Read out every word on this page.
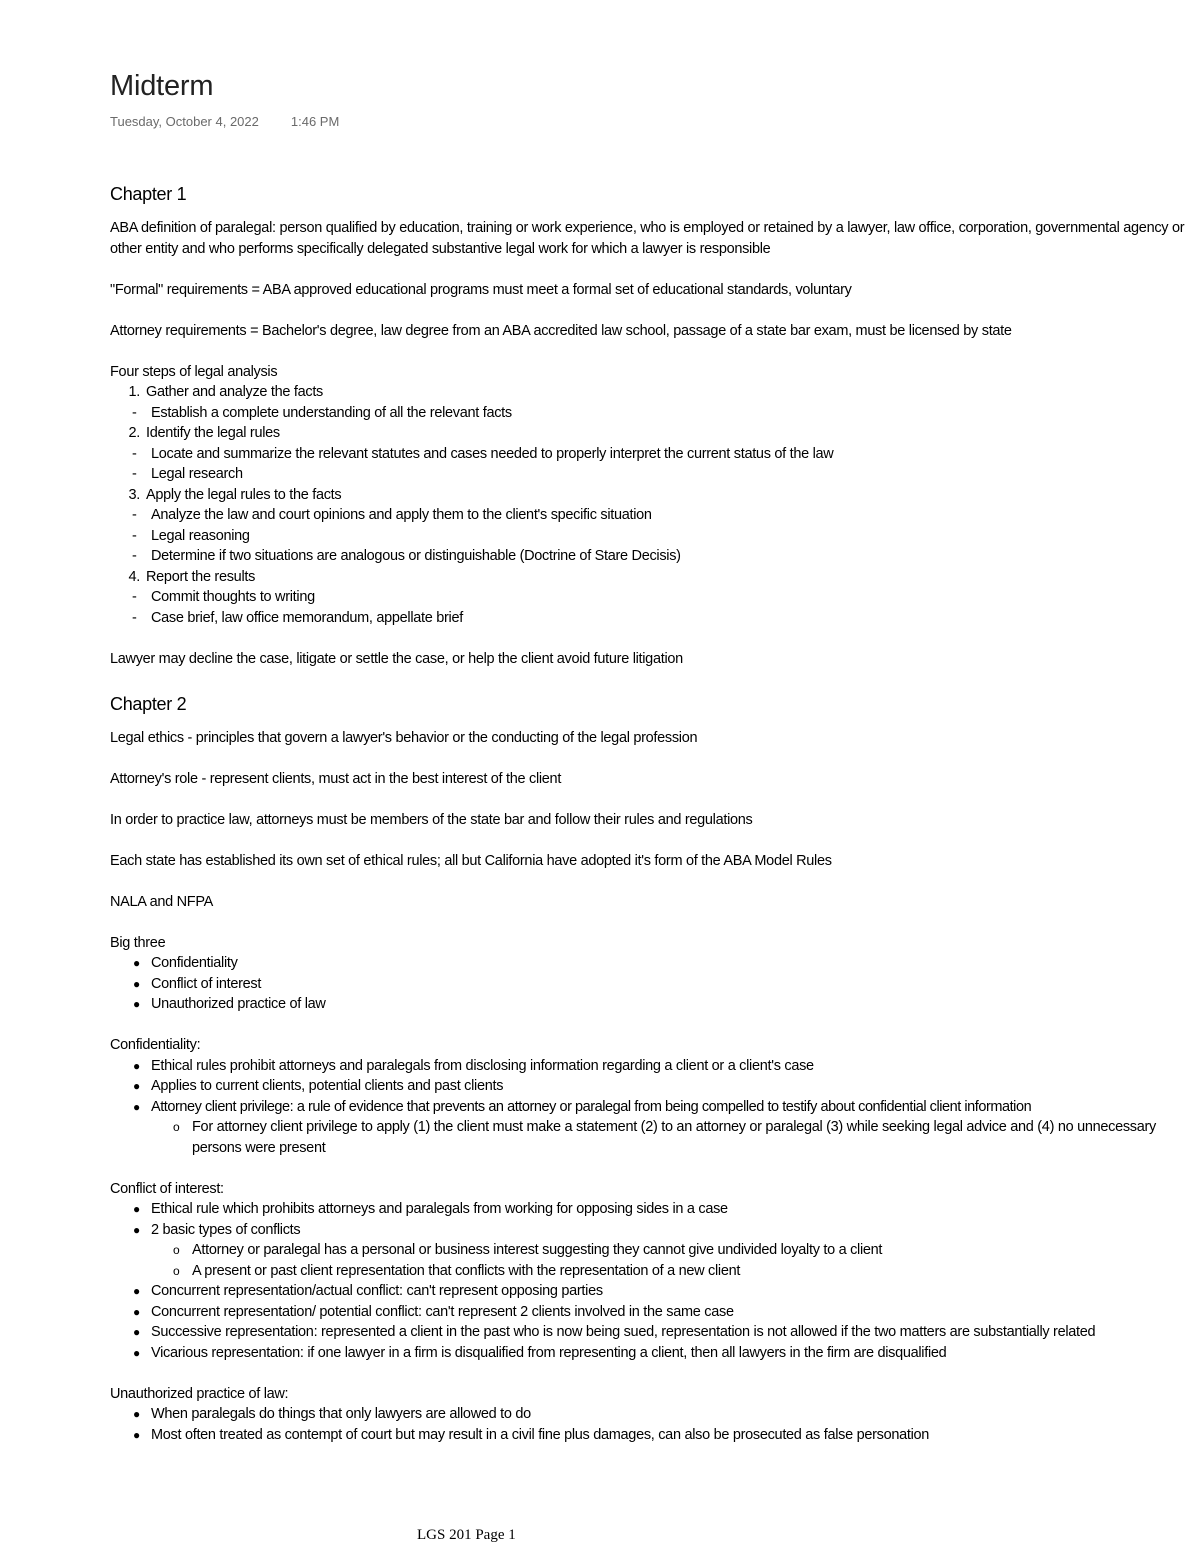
Midterm
Tuesday, October 4, 2022 1:46 PM
Chapter 1

ABA definition of paralegal: person qualified by education, training or work experience, who is employed or retained by a lawyer, law office, corporation, governmental agency or other entity and who performs specifically delegated substantive legal work for which a lawyer is responsible

"Formal" requirements = ABA approved educational programs must meet a formal set of educational standards, voluntary

Attorney requirements = Bachelor's degree, law degree from an ABA accredited law school, passage of a state bar exam, must be licensed by state

Four steps of legal analysis

1. Gather and analyze the facts
- Establish a complete understanding of all the relevant facts
2. Identify the legal rules
- Locate and summarize the relevant statutes and cases needed to properly interpret the current status of the law
- Legal research
3. Apply the legal rules to the facts
- Analyze the law and court opinions and apply them to the client's specific situation
- Legal reasoning
- Determine if two situations are analogous or distinguishable (Doctrine of Stare Decisis)
4. Report the results
- Commit thoughts to writing
- Case brief, law office memorandum, appellate brief

Lawyer may decline the case, litigate or settle the case, or help the client avoid future litigation

Chapter 2

Legal ethics - principles that govern a lawyer's behavior or the conducting of the legal profession

Attorney's role - represent clients, must act in the best interest of the client

In order to practice law, attorneys must be members of the state bar and follow their rules and regulations

Each state has established its own set of ethical rules; all but California have adopted it's form of the ABA Model Rules

NALA and NFPA

Big three

● Confidentiality
● Conflict of interest
● Unauthorized practice of law

Confidentiality:

● Ethical rules prohibit attorneys and paralegals from disclosing information regarding a client or a client's case
● Applies to current clients, potential clients and past clients
● Attorney client privilege: a rule of evidence that prevents an attorney or paralegal from being compelled to testify about confidential client information
o For attorney client privilege to apply (1) the client must make a statement (2) to an attorney or paralegal (3) while seeking legal advice and (4) no unnecessary persons were present

Conflict of interest:

● Ethical rule which prohibits attorneys and paralegals from working for opposing sides in a case
● 2 basic types of conflicts
o Attorney or paralegal has a personal or business interest suggesting they cannot give undivided loyalty to a client
o A present or past client representation that conflicts with the representation of a new client
● Concurrent representation/actual conflict: can't represent opposing parties
● Concurrent representation/ potential conflict: can't represent 2 clients involved in the same case
● Successive representation: represented a client in the past who is now being sued, representation is not allowed if the two matters are substantially related
● Vicarious representation: if one lawyer in a firm is disqualified from representing a client, then all lawyers in the firm are disqualified

Unauthorized practice of law:

● When paralegals do things that only lawyers are allowed to do
● Most often treated as contempt of court but may result in a civil fine plus damages, can also be prosecuted as false personation
LGS 201 Page 1
